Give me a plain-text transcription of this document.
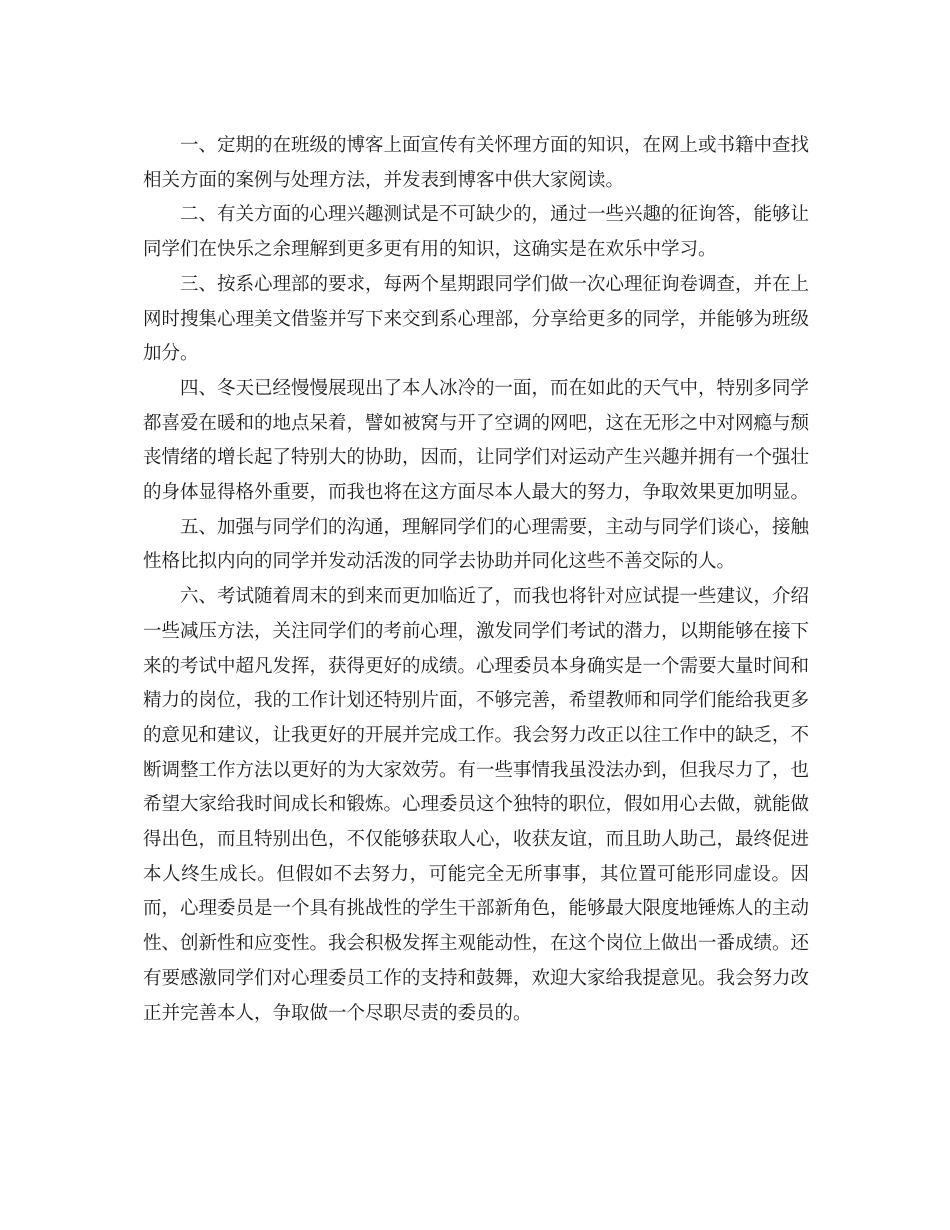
一、定期的在班级的博客上面宣传有关怀理方面的知识，在网上或书籍中查找相关方面的案例与处理方法，并发表到博客中供大家阅读。

二、有关方面的心理兴趣测试是不可缺少的，通过一些兴趣的征询答，能够让同学们在快乐之余理解到更多更有用的知识，这确实是在欢乐中学习。

三、按系心理部的要求，每两个星期跟同学们做一次心理征询卷调查，并在上网时搜集心理美文借鉴并写下来交到系心理部，分享给更多的同学，并能够为班级加分。

四、冬天已经慢慢展现出了本人冰冷的一面，而在如此的天气中，特别多同学都喜爱在暖和的地点呆着，譬如被窝与开了空调的网吧，这在无形之中对网瘾与颓丧情绪的增长起了特别大的协助，因而，让同学们对运动产生兴趣并拥有一个强壮的身体显得格外重要，而我也将在这方面尽本人最大的努力，争取效果更加明显。

五、加强与同学们的沟通，理解同学们的心理需要，主动与同学们谈心，接触性格比拟内向的同学并发动活泼的同学去协助并同化这些不善交际的人。

六、考试随着周末的到来而更加临近了，而我也将针对应试提一些建议，介绍一些减压方法，关注同学们的考前心理，激发同学们考试的潜力，以期能够在接下来的考试中超凡发挥，获得更好的成绩。心理委员本身确实是一个需要大量时间和精力的岗位，我的工作计划还特别片面，不够完善，希望教师和同学们能给我更多的意见和建议，让我更好的开展并完成工作。我会努力改正以往工作中的缺乏，不断调整工作方法以更好的为大家效劳。有一些事情我虽没法办到，但我尽力了，也希望大家给我时间成长和锻炼。心理委员这个独特的职位，假如用心去做，就能做得出色，而且特别出色，不仅能够获取人心，收获友谊，而且助人助己，最终促进本人终生成长。但假如不去努力，可能完全无所事事，其位置可能形同虚设。因而，心理委员是一个具有挑战性的学生干部新角色，能够最大限度地锤炼人的主动性、创新性和应变性。我会积极发挥主观能动性，在这个岗位上做出一番成绩。还有要感激同学们对心理委员工作的支持和鼓舞，欢迎大家给我提意见。我会努力改正并完善本人，争取做一个尽职尽责的委员的。
